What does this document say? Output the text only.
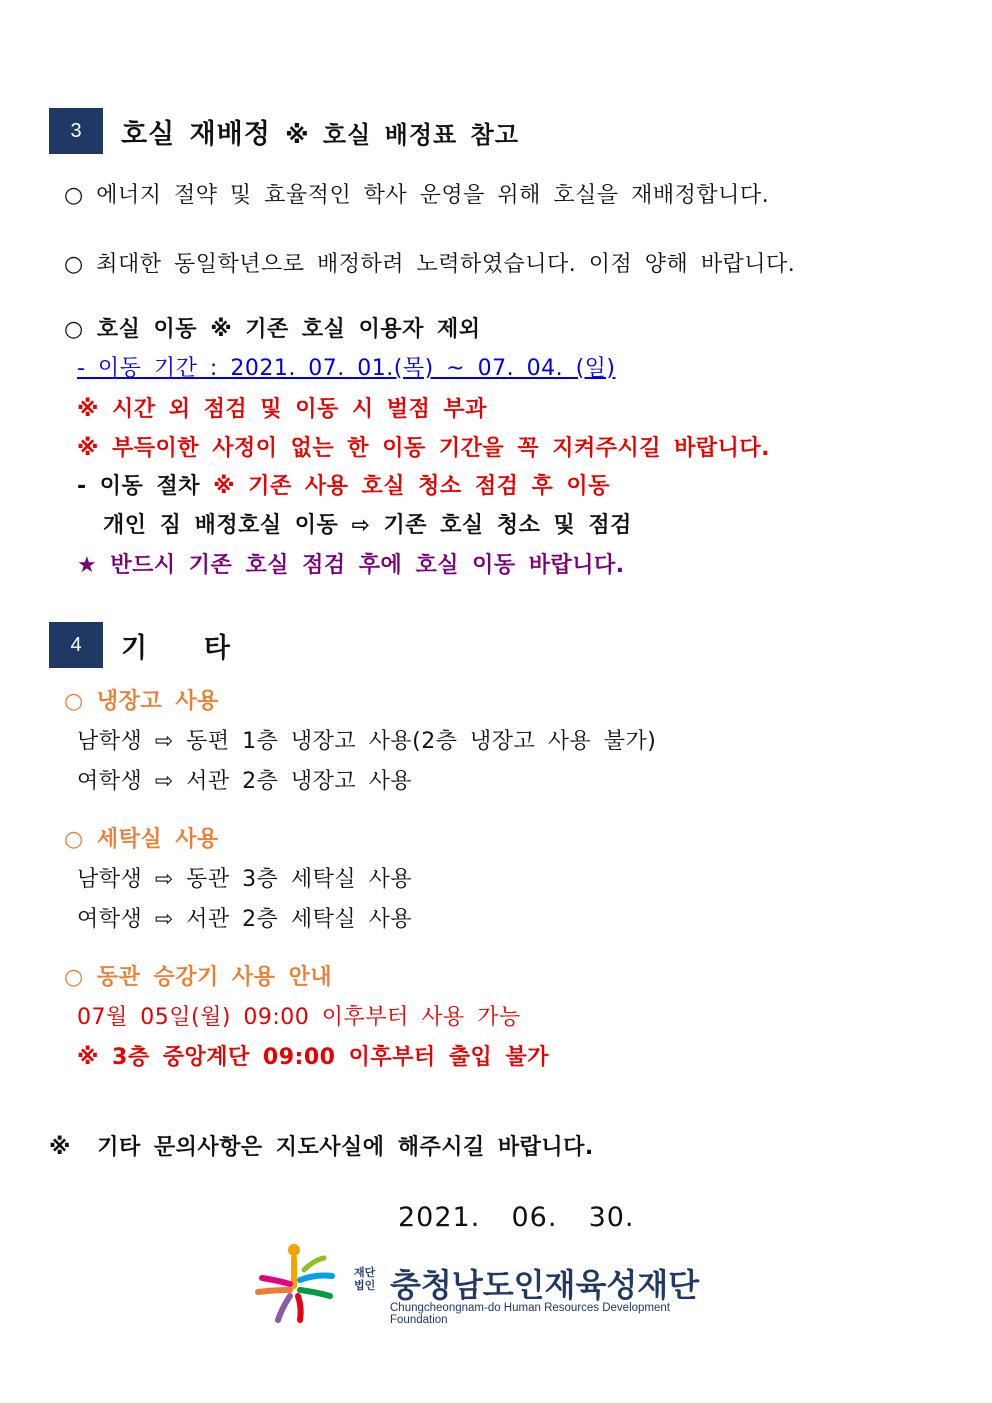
3	호실 재배정 ※ 호실 배정표 참고
○ 에너지 절약 및 효율적인 학사 운영을 위해 호실을 재배정합니다.
○ 최대한 동일학년으로 배정하려 노력하였습니다. 이점 양해 바랍니다.
○ 호실 이동 ※ 기존 호실 이용자 제외
- 이동 기간 : 2021. 07. 01.(목) ~ 07. 04. (일)
※ 시간 외 점검 및 이동 시 벌점 부과
※ 부득이한 사정이 없는 한 이동 기간을 꼭 지켜주시길 바랍니다.
- 이동 절차 ※ 기존 사용 호실 청소 점검 후 이동
개인 짐 배정호실 이동 ⇨ 기존 호실 청소 및 점검
★ 반드시 기존 호실 점검 후에 호실 이동 바랍니다.
4	기  타
○ 냉장고 사용
남학생 ⇨ 동편 1층 냉장고 사용(2층 냉장고 사용 불가)
여학생 ⇨ 서관 2층 냉장고 사용
○ 세탁실 사용
남학생 ⇨ 동관 3층 세탁실 사용
여학생 ⇨ 서관 2층 세탁실 사용
○ 동관 승강기 사용 안내
07월 05일(월) 09:00 이후부터 사용 가능
※ 3층 중앙계단 09:00 이후부터 출입 불가
※  기타 문의사항은 지도사실에 해주시길 바랍니다.
2021.  06.  30.
재단
법인 충청남도인재육성재단
Chungcheongnam-do Human Resources Development Foundation
